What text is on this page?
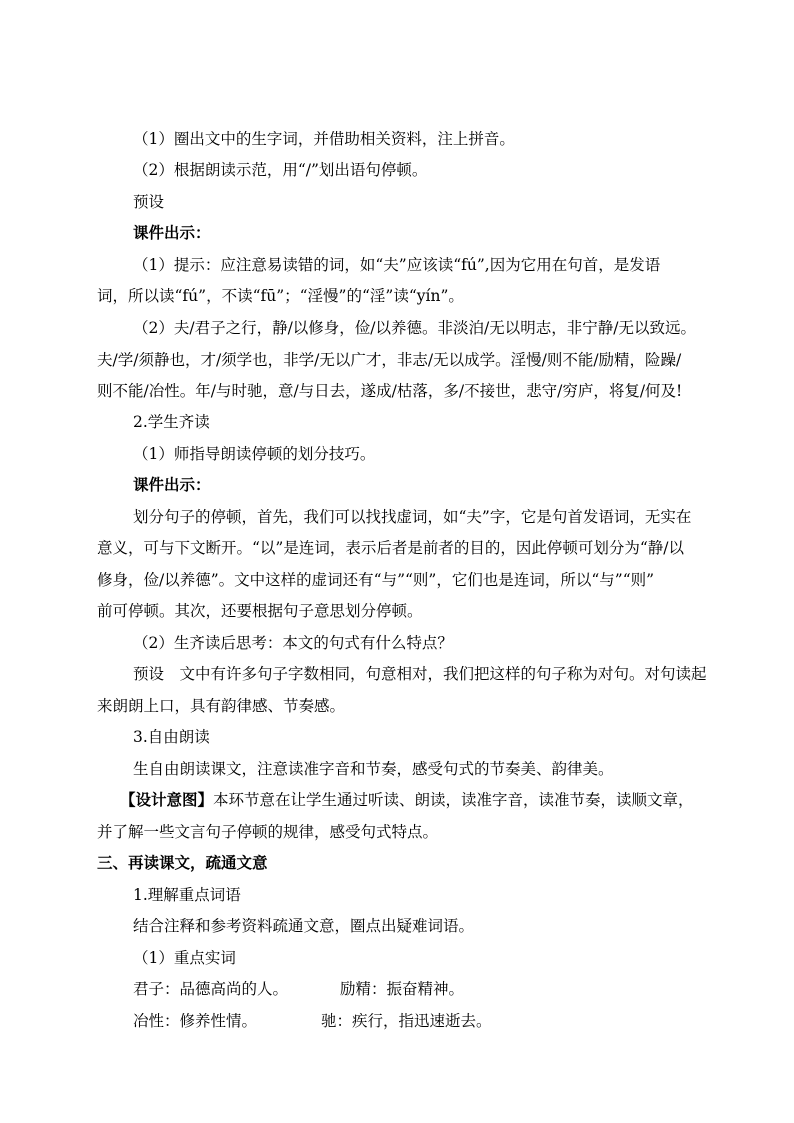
（1）圈出文中的生字词，并借助相关资料，注上拼音。
（2）根据朗读示范，用“/”划出语句停顿。
预设
课件出示：
（1）提示：应注意易读错的词，如“夫”应该读“fú”,因为它用在句首，是发语
词，所以读“fú”，不读“fū”；“淫慢”的“淫”读“yín”。
（2）夫/君子之行，静/以修身，俭/以养德。非淡泊/无以明志，非宁静/无以致远。
夫/学/须静也，才/须学也，非学/无以广才，非志/无以成学。淫慢/则不能/励精，险躁/
则不能/冶性。年/与时驰，意/与日去，遂成/枯落，多/不接世，悲守/穷庐，将复/何及!
2.学生齐读
（1）师指导朗读停顿的划分技巧。
课件出示：
划分句子的停顿，首先，我们可以找找虚词，如“夫”字，它是句首发语词，无实在
意义，可与下文断开。“以”是连词，表示后者是前者的目的，因此停顿可划分为“静/以
修身，俭/以养德”。文中这样的虚词还有“与”“则”，它们也是连词，所以“与”“则”
前可停顿。其次，还要根据句子意思划分停顿。
（2）生齐读后思考：本文的句式有什么特点？
预设　文中有许多句子字数相同，句意相对，我们把这样的句子称为对句。对句读起
来朗朗上口，具有韵律感、节奏感。
3.自由朗读
生自由朗读课文，注意读准字音和节奏，感受句式的节奏美、韵律美。
【设计意图】本环节意在让学生通过听读、朗读，读准字音，读准节奏，读顺文章，
并了解一些文言句子停顿的规律，感受句式特点。
三、再读课文，疏通文意
1.理解重点词语
结合注释和参考资料疏通文意，圈点出疑难词语。
（1）重点实词
君子：品德高尚的人。	励精：振奋精神。
冶性：修养性情。	驰：疾行，指迅速逝去。
